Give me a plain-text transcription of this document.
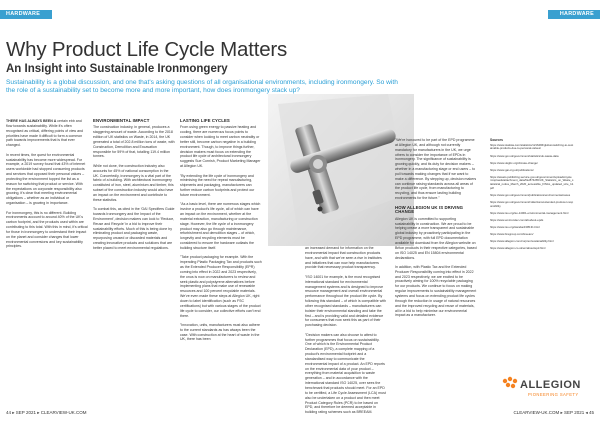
HARDWARE
Why Product Life Cycle Matters
An Insight into Sustainable Ironmongery
Sustainability is a global discussion, and one that's asking questions of all organisational environments, including ironmongery. So with the role of a sustainability set to become more and more important, how does ironmongery stack up?

THERE HAS ALWAYS BEEN A certain ebb and flow towards sustainability. While it's often recognised as critical, differing points of view and priorities have made it difficult to form a common path towards improvements that is that ever changed.

In recent times, the quest for environmental sustainability has become more widespread. For example, a 2019 survey found that 43% of internet users worldwide had stopped consuming products and services that opposed their personal values – protecting the environment topped the list as a reason for switching that product or service. With the expectations on corporate responsibility also growing, it's clear that meeting environmental obligations – whether as an individual or organisation – is growing in importance.

For ironmongery, this is no different. Building environments account to around 40% of the UK's carbon footprint, and the products used within are contributing to this total. With this in mind, it's critical for those in ironmongery to understand their impact on the planet and consider changes that lower environmental conversions and key sustainability principles.

ENVIRONMENTAL IMPACT

The construction industry, in general, produces a staggering amount of waste. According to the 2018 edition of UK statistics on Waste, in 2014, the UK generated a total of 202.8 million tons of waste, with Construction, Demolition and Excavation responsible for 59% of that, totalling 119.4 million tonnes.

While not done, the construction industry also accounts for 45% of national consumption in the UK. Concertedly, ironmongery is a vital part of the fabric of a building. With architectural ironmongery constituted of iron, steel, aluminium and timber, this subset of the construction industry would also have an impact on the environment and contribute to these statistics.

To combat this, as cited in the 'GAI Specifiers Guide towards Ironmongery and the Impact of the Environment', decision makers can look to 'Reduce, Reuse and Recycle' in a bid to improve their sustainability efforts. Much of this is being done by eliminating product and packaging waste, repurposing unused or discarded materials and creating innovative products and solutions that are better placed to meet environmental regulations.

LASTING LIFE CYCLES

From using green energy to passive heating and cooling, there are numerous focus points to consider when looking to meet carbon neutrality or better still, become carbon negative in a building environment. Though, to improve things further, decision makers must focus on extending the product life cycle of architectural ironmongery suggests Sue Cornish, Product Marketing Manager at Allegion UK.

"By extending the life cycle of ironmongery and minimising the need for repeat manufacturing, shipments and packaging, manufacturers can further reduce carbon footprints and protect our future environment.

"As a basic level, there are numerous stages which involve a product's life cycle, all of which can have an impact on the environment, whether at the material extraction, manufacturing or construction stage. However, the life cycle of a ironmongery product may also go through maintenance, refurbishment and demolition stages – of which, longevity and recycling elements must be considered to ensure the hardware outlasts the building structure itself.

"Take product packaging for example. With the impending Plastic Packaging Tax and products such as the Extended Producer Responsibility (EPR) coming into effect in 2022 and 2023 respectively, the onus is now on manufacturers to review and seek plastic and polystyrene alternatives before implementing plans that make use of renewable resources and 100 percent recyclable materials. We've even made these steps at Allegion UK, right down to label identification (such as FSC certifications) but with various stages of the product life cycle to consider, our collective efforts can't end there.

"Innovation, units, manufacturers must also adhere to the current standards as has always been the case. With construction at the heart of waste in the UK, there has been

44 ▸ SEP 2021 ▸ CLEARVIEW-UK.COM
HARDWARE

an increased demand for information on the environmental impact that construction products have, and with that we've seen a rise in institutes and initiatives that can now help manufacturers provide that necessary product transparency.

"ISO 14001 for example, is the most recognised international standard for environmental management systems and is designed to improve resource management and overall environmental performance throughout the product life cycle. By following this standard – of which is compatible with other recognised standards – manufacturers can bolster their environmental standing and take the first – and is providing valid and detailed evidence for consumers that now seek this as part of their purchasing decision.

"Decision makers can also choose to attest to further programmes that focus on sustainability. One of which is the Environmental Product Declaration (EPD), a complete mapping of a product's environmental footprint and a standardised way to communicate the environmental impact of a product. An EPD reports on the environmental data of your product – everything from material acquisition to waste generation – and in accordance with the international standard ISO 14025, over sees the benchmark that products should meet. For an EPD to be certified, a Life Cycle Assessment (LCA) must also be undertaken on a product and then meet Product Category Rules (PCR) to be based on EPD, and therefore be deemed acceptable in building rating schemes such as BREEAM.

"We're honoured to be part of the EPD programme at Allegion UK, and although not currently mandatory for manufacturers in the UK, we urge others to consider the importance of EPDs in ironmongery. The significance of sustainability is growing quickly, and its duty for decision makers – whether in a manufacturing stage or end users – to pull towards making changes that if we want to make a difference. By stepping up, decision makers can continue raising standards across all areas of the product life cycle, from manufacturing to recycling, and thus ensure lasting building environments for the future."

HOW ALLEGION UK IS DRIVING CHANGE

Allegion UK is committed to supporting sustainability in construction. We are proud to be helping create a more transparent and sustainable global industry by proactively participating in the EPD programme, with full EPD documentation available for download from the Allegion website on Briton products in their respective categories, based on ISO 14025 and EN 15804 environmental declarations.

In addition, with Plastic Tax and the Extended Producer Responsibility coming into effect in 2022 and 2023 respectively, we are excited to be proactively aiming for 100% recyclable packaging for our products. We continue to focus on making regular improvements to sustainability management systems and focus on extending product life cycles through the reduction in usage of natural resources and the improved recycling and reuse of materials, all in a bid to help minimise our environmental impact as a manufacturer.

Sources
https://www.statista.com/statistics/1216496/global-switching-to-sustainable-products-due-to-personal-values/
https://www.gov.uk/government/statistics/uk-waste-data
https://www.ukgbc.org/climate-change/
https://www.gai.org.uk/publications/
https://assets.publishing.service.gov.uk/government/uploads/system/uploads/attachment_data/file/874265/UK_Statistics_on_Waste_statistical_notice_March_2020_accessible_FINAL_updated_size_12.pdf
https://www.gov.uk/government/publications/environmental-taxes
https://www.gov.uk/government/collections/extended-producer-responsibility
https://www.iso.org/iso-14001-environmental-management.html
https://www.environdec.com/all-about-epds
https://www.iso.org/standard/38131.html
https://www.bregroup.com/breeam/
https://www.allegion.com/corp/en/sustainability.html
https://www.allegion.co.uk/en/about/epd.html
ALLEGION
PIONEERING SAFETY
CLEARVIEW-UK.COM ▸ SEP 2021 ◂ 45
